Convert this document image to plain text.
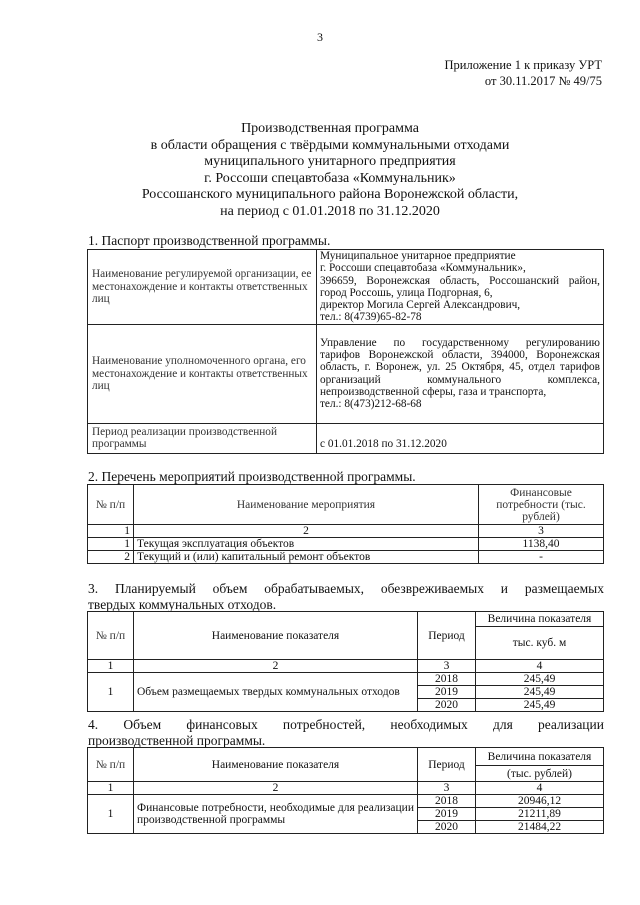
3
Приложение 1 к приказу УРТ
от 30.11.2017 № 49/75
Производственная программа
в области обращения с твёрдыми коммунальными отходами
муниципального унитарного предприятия
г. Россоши спецавтобаза «Коммунальник»
Россошанского муниципального района Воронежской области,
на период с 01.01.2018 по 31.12.2020
1. Паспорт производственной программы.
Наименование регулируемой организации, ее местонахождение и контакты ответственных лиц	Муниципальное унитарное предприятие
г. Россоши спецавтобаза «Коммунальник»,
396659, Воронежская область, Россошанский район, город Россошь, улица Подгорная, 6,
директор Могила Сергей Александрович,
тел.: 8(4739)65-82-78

Наименование уполномоченного органа, его местонахождение и контакты ответственных лиц	Управление по государственному регулированию тарифов Воронежской области, 394000, Воронежская область, г. Воронеж, ул. 25 Октября, 45, отдел тарифов организаций коммунального комплекса, непроизводственной сферы, газа и транспорта,
тел.: 8(473)212-68-68

Период реализации производственной программы	с 01.01.2018 по 31.12.2020
2. Перечень мероприятий производственной программы.
№ п/п	Наименование мероприятия	Финансовые потребности (тыс. рублей)
1	2	3
1	Текущая эксплуатация объектов	1138,40
2	Текущий и (или) капитальный ремонт объектов	-
3. Планируемый объем обрабатываемых, обезвреживаемых и размещаемых
твердых коммунальных отходов.
№ п/п	Наименование показателя	Период	Величина показателя
			тыс. куб. м
1	2	3	4
1	Объем размещаемых твердых коммунальных отходов	2018	245,49
		2019	245,49
		2020	245,49
4. Объем финансовых потребностей, необходимых для реализации
производственной программы.
№ п/п	Наименование показателя	Период	Величина показателя
			(тыс. рублей)
1	2	3	4
1	Финансовые потребности, необходимые для реализации производственной программы	2018	20946,12
		2019	21211,89
		2020	21484,22
